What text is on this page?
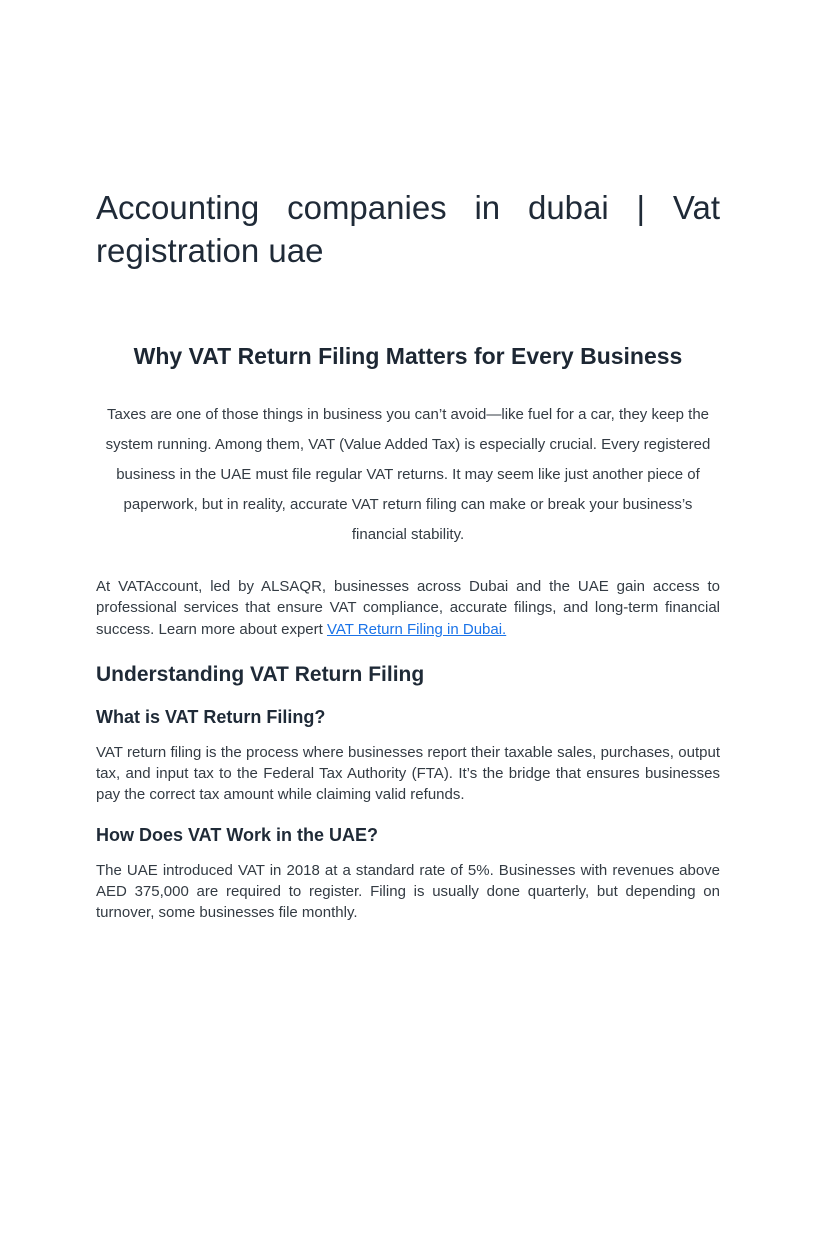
Accounting companies in dubai | Vat registration uae
Why VAT Return Filing Matters for Every Business

Taxes are one of those things in business you can’t avoid—like fuel for a car, they keep the system running. Among them, VAT (Value Added Tax) is especially crucial. Every registered business in the UAE must file regular VAT returns. It may seem like just another piece of paperwork, but in reality, accurate VAT return filing can make or break your business’s financial stability.

At VATAccount, led by ALSAQR, businesses across Dubai and the UAE gain access to professional services that ensure VAT compliance, accurate filings, and long-term financial success. Learn more about expert VAT Return Filing in Dubai.

Understanding VAT Return Filing
What is VAT Return Filing?

VAT return filing is the process where businesses report their taxable sales, purchases, output tax, and input tax to the Federal Tax Authority (FTA). It’s the bridge that ensures businesses pay the correct tax amount while claiming valid refunds.

How Does VAT Work in the UAE?

The UAE introduced VAT in 2018 at a standard rate of 5%. Businesses with revenues above AED 375,000 are required to register. Filing is usually done quarterly, but depending on turnover, some businesses file monthly.
